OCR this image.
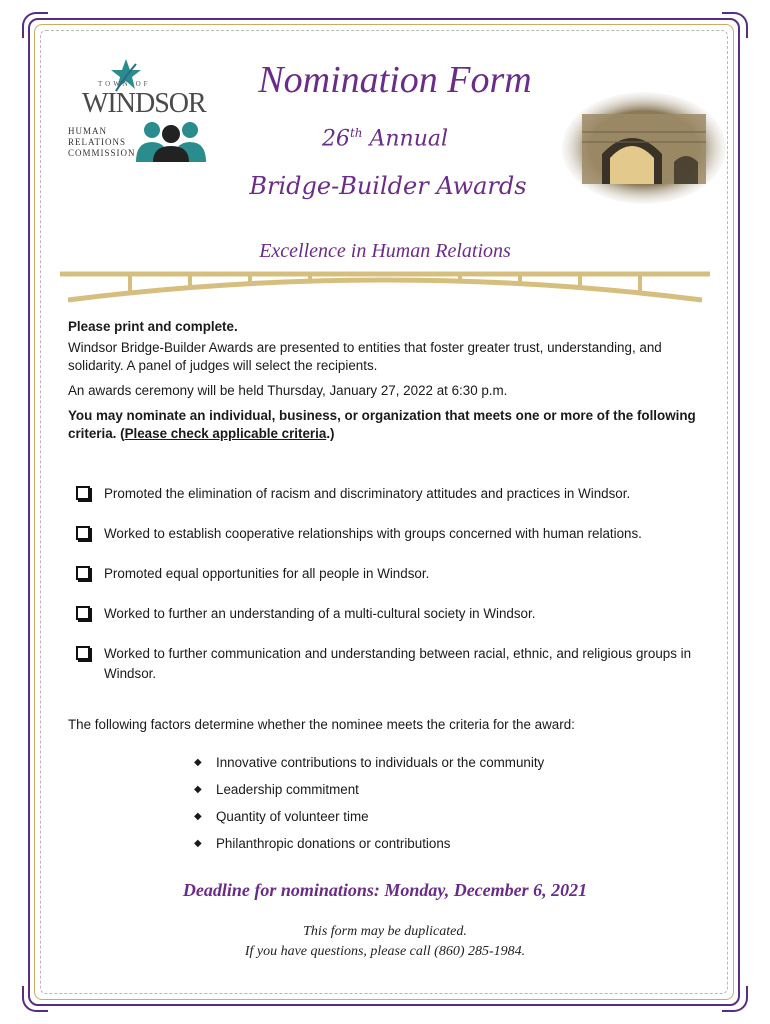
TOWN OF
WINDSOR
HUMAN
RELATIONS
COMMISSION
Nomination Form
26th Annual
Bridge-Builder Awards
Excellence in Human Relations

Please print and complete.

Windsor Bridge-Builder Awards are presented to entities that foster greater trust, understanding, and solidarity. A panel of judges will select the recipients.

An awards ceremony will be held Thursday, January 27, 2022 at 6:30 p.m.

You may nominate an individual, business, or organization that meets one or more of the following criteria. (Please check applicable criteria.)

Promoted the elimination of racism and discriminatory attitudes and practices in Windsor.
Worked to establish cooperative relationships with groups concerned with human relations.
Promoted equal opportunities for all people in Windsor.
Worked to further an understanding of a multi-cultural society in Windsor.
Worked to further communication and understanding between racial, ethnic, and religious groups in Windsor.
The following factors determine whether the nominee meets the criteria for the award:
◆ Innovative contributions to individuals or the community
◆ Leadership commitment
◆ Quantity of volunteer time
◆ Philanthropic donations or contributions
Deadline for nominations: Monday, December 6, 2021
This form may be duplicated.
If you have questions, please call (860) 285-1984.
